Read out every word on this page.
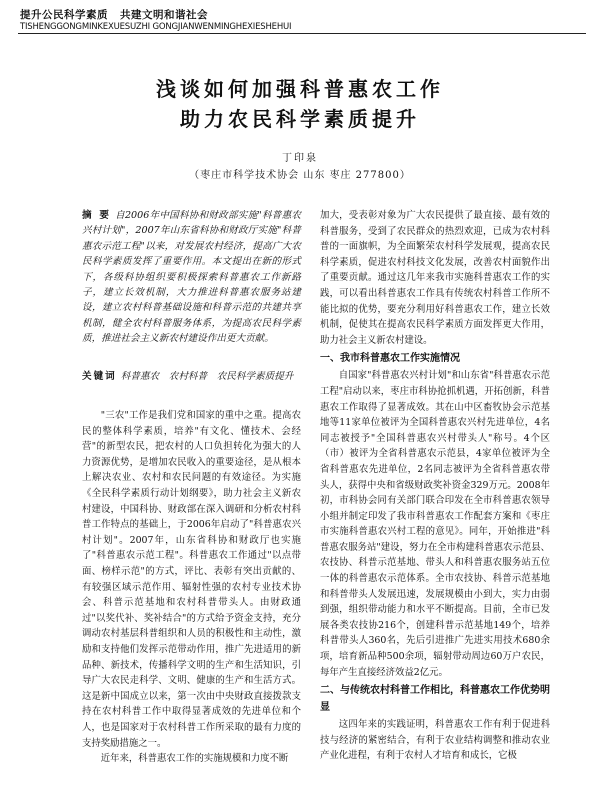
提升公民科学素质 共建文明和谐社会
TISHENGGONGMINKEXUESUZHI GONGJIANWENMINGHEXIESHEHUI
浅谈如何加强科普惠农工作
助力农民科学素质提升
丁印泉
（枣庄市科学技术协会 山东 枣庄 277800）
摘 要 自2006年中国科协和财政部实施"科普惠农兴村计划"，2007年山东省科协和财政厅实施"科普惠农示范工程"以来，对发展农村经济，提高广大农民科学素质发挥了重要作用。本文提出在新的形式下，各级科协组织要积极探索科普惠农工作新路子，建立长效机制，大力推进科普惠农服务站建设，建立农村科普基础设施和科普示范的共建共享机制，健全农村科普服务体系，为提高农民科学素质，推进社会主义新农村建设作出更大贡献。
关键词 科普惠农　农村科普　农民科学素质提升

"三农"工作是我们党和国家的重中之重。提高农民的整体科学素质，培养"有文化、懂技术、会经营"的新型农民，把农村的人口负担转化为强大的人力资源优势，是增加农民收入的重要途径，是从根本上解决农业、农村和农民问题的有效途径。为实施《全民科学素质行动计划纲要》，助力社会主义新农村建设，中国科协、财政部在深入调研和分析农村科普工作特点的基础上，于2006年启动了"科普惠农兴村计划"。2007年，山东省科协和财政厅也实施了"科普惠农示范工程"。科普惠农工作通过"以点带面、榜样示范"的方式，评比、表彰有突出贡献的、有较强区域示范作用、辐射性强的农村专业技术协会、科普示范基地和农村科普带头人。由财政通过"以奖代补、奖补结合"的方式给予资金支持，充分调动农村基层科普组织和人员的积极性和主动性，激励和支持他们发挥示范带动作用，推广先进适用的新品种、新技术，传播科学文明的生产和生活知识，引导广大农民走科学、文明、健康的生产和生活方式。这是新中国成立以来，第一次由中央财政直接拨款支持在农村科普工作中取得显著成效的先进单位和个人，也是国家对于农村科普工作所采取的最有力度的支持奖励措施之一。

近年来，科普惠农工作的实施规模和力度不断

加大，受表彰对象为广大农民提供了最直接、最有效的科普服务，受到了农民群众的热烈欢迎，已成为农村科普的一面旗帜，为全面繁荣农村科学发展观，提高农民科学素质，促进农村科技文化发展，改善农村面貌作出了重要贡献。通过这几年来我市实施科普惠农工作的实践，可以看出科普惠农工作具有传统农村科普工作所不能比拟的优势，要充分利用好科普惠农工作，建立长效机制，促使其在提高农民科学素质方面发挥更大作用，助力社会主义新农村建设。

一、我市科普惠农工作实施情况

自国家"科普惠农兴村计划"和山东省"科普惠农示范工程"启动以来，枣庄市科协抢抓机遇，开拓创新，科普惠农工作取得了显著成效。其在山中区畜牧协会示范基地等11家单位被评为全国科普惠农兴村先进单位，4名同志被授予"全国科普惠农兴村带头人"称号。4个区（市）被评为全省科普惠农示范县，4家单位被评为全省科普惠农先进单位，2名同志被评为全省科普惠农带头人，获得中央和省级财政奖补资金329万元。2008年初，市科协会同有关部门联合印发在全市科普惠农领导小组并制定印发了我市科普惠农工作配套方案和《枣庄市实施科普惠农兴村工程的意见》。同年，开始推进"科普惠农服务站"建设，努力在全市构建科普惠农示范县、农技协、科普示范基地、带头人和科普惠农服务站五位一体的科普惠农示范体系。全市农技协、科普示范基地和科普带头人发展迅速，发展规模由小到大，实力由弱到强，组织带动能力和水平不断提高。目前，全市已发展各类农技协216个，创建科普示范基地149个，培养科普带头人360名，先后引进推广先进实用技术680余项，培育新品种500余项，辐射带动周边60万户农民，每年产生直接经济效益2亿元。

二、与传统农村科普工作相比，科普惠农工作优势明显

这四年来的实践证明，科普惠农工作有利于促进科技与经济的紧密结合，有利于农业结构调整和推动农业产业化进程，有利于农村人才培育和成长，它极
